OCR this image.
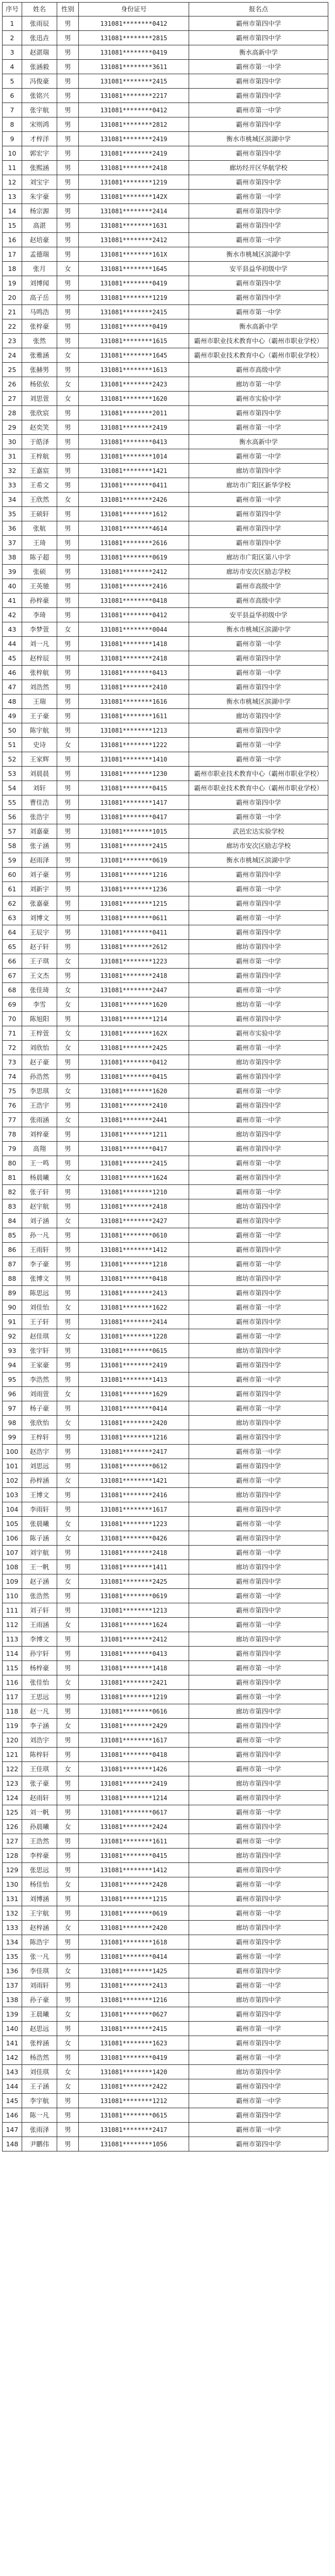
序号	姓名	性别	身份证号	报名点
1	张雨辰	男	131081********0412	霸州市第四中学
2	张迅垚	男	131081********2815	霸州市第四中学
3	赵湛瑞	男	131081********0419	衡水高新中学
4	张涵毅	男	131081********3611	霸州市第一中学
5	冯俊豪	男	131081********2415	霸州市第四中学
6	张铭兴	男	131081********2217	霸州市第四中学
7	张宇航	男	131081********0412	霸州市第一中学
8	宋则鸿	男	131081********2812	霸州市第四中学
9	才梓洋	男	131081********2419	衡水市桃城区滨湖中学
10	郭宏宇	男	131081********2419	霸州市第四中学
11	张熙涵	男	131081********2418	廊坊经开区华航学校
12	刘宝宇	男	131081********1219	霸州市第四中学
13	朱宇豪	男	131081********142X	霸州市第一中学
14	杨宗源	男	131081********2414	霸州市第四中学
15	高湛	男	131081********1631	霸州市第四中学
16	赵培豪	男	131081********2412	霸州市第一中学
17	孟德瑞	男	131081********161X	衡水市桃城区滨湖中学
18	张月	女	131081********1645	安平县益华初级中学
19	刘博闻	男	131081********0419	霸州市第四中学
20	高子岳	男	131081********1219	霸州市第四中学
21	马鸣浩	男	131081********2415	霸州市第一中学
22	张梓豪	男	131081********0419	衡水高新中学
23	张然	男	131081********1615	霸州市职业技术教育中心（霸州市职业学校）
24	张雅涵	女	131081********1645	霸州市职业技术教育中心（霸州市职业学校）
25	张赫男	男	131081********1613	霸州市高级中学
26	杨依依	女	131081********2423	廊坊市第一中学
27	刘思萱	女	131081********1620	霸州市实验中学
28	张欣宸	男	131081********2011	霸州市第四中学
29	赵奕笑	男	131081********2419	霸州市第一中学
30	于皓泽	男	131081********0413	衡水高新中学
31	王梓航	男	131081********1014	霸州市第一中学
32	王嘉宸	男	131081********1421	廊坊市第四中学
33	王希文	男	131081********0411	廊坊市广阳区新华学校
34	王欣然	女	131081********2426	霸州市第一中学
35	王硕轩	男	131081********1612	霸州市第四中学
36	张航	男	131081********4614	霸州市第四中学
37	王琦	男	131081********2616	霸州市第四中学
38	陈子超	男	131081********0619	廊坊市广阳区第八中学
39	张硕	男	131081********2412	廊坊市安次区励志学校
40	王英驰	男	131081********2416	霸州市高级中学
41	孙梓豪	男	131081********0418	霸州市高级中学
42	李琦	男	131081********0412	安平县益华初级中学
43	李梦萱	女	131081********0044	衡水市桃城区滨湖中学
44	刘一凡	男	131081********1418	霸州市第一中学
45	赵梓辰	男	131081********2418	霸州市第四中学
46	张梓航	男	131081********0413	霸州市第一中学
47	刘浩然	男	131081********2410	霸州市第四中学
48	王瑞	男	131081********1616	衡水市桃城区滨湖中学
49	王子豪	男	131081********1611	廊坊市第四中学
50	陈宇航	男	131081********1213	霸州市第四中学
51	史诗	女	131081********1222	霸州市第一中学
52	王家辉	男	131081********1410	霸州市第一中学
53	刘晨晨	男	131081********1230	霸州市职业技术教育中心（霸州市职业学校）
54	刘轩	男	131081********0415	霸州市职业技术教育中心（霸州市职业学校）
55	曹佳浩	男	131081********1417	霸州市第四中学
56	张浩宇	男	131081********0417	霸州市第一中学
57	刘嘉豪	男	131081********1015	武邑宏达实验学校
58	张子涵	男	131081********2415	廊坊市安次区励志学校
59	赵雨泽	男	131081********0619	衡水市桃城区滨湖中学
60	刘子豪	男	131081********1216	霸州市第四中学
61	刘新宇	男	131081********1236	霸州市第一中学
62	张嘉豪	男	131081********1215	霸州市第四中学
63	刘博文	男	131081********0611	霸州市第一中学
64	王辰宇	男	131081********0411	霸州市第四中学
65	赵子轩	男	131081********2612	廊坊市第四中学
66	王子琪	女	131081********1223	霸州市第一中学
67	王文杰	男	131081********2418	霸州市第四中学
68	张佳琦	女	131081********2447	霸州市第一中学
69	李雪	女	131081********1620	廊坊市第一中学
70	陈旭阳	男	131081********1214	霸州市第四中学
71	王梓萱	女	131081********162X	霸州市实验中学
72	刘欣怡	女	131081********2425	霸州市第一中学
73	赵子豪	男	131081********0412	廊坊市第四中学
74	孙浩然	男	131081********0415	霸州市第四中学
75	李思琪	女	131081********1620	霸州市第一中学
76	王浩宇	男	131081********2410	霸州市第四中学
77	张雨涵	女	131081********2441	霸州市第一中学
78	刘梓豪	男	131081********1211	廊坊市第四中学
79	高翔	男	131081********0417	霸州市第四中学
80	王一鸣	男	131081********2415	霸州市第一中学
81	杨晨曦	女	131081********1624	霸州市第四中学
82	张子轩	男	131081********1210	霸州市第一中学
83	赵宇航	男	131081********2418	廊坊市第四中学
84	刘子涵	女	131081********2427	霸州市第四中学
85	孙一凡	男	131081********0610	霸州市第一中学
86	王雨轩	男	131081********1412	霸州市第四中学
87	李子豪	男	131081********1218	霸州市第一中学
88	张博文	男	131081********0418	廊坊市第四中学
89	陈思远	男	131081********2413	霸州市第四中学
90	刘佳怡	女	131081********1622	霸州市第一中学
91	王子轩	男	131081********2414	霸州市第四中学
92	赵佳琪	女	131081********1228	霸州市第一中学
93	张宇轩	男	131081********0615	廊坊市第四中学
94	王家豪	男	131081********2419	霸州市第四中学
95	李浩然	男	131081********1413	霸州市第一中学
96	刘雨萱	女	131081********1629	霸州市第四中学
97	杨子豪	男	131081********0414	霸州市第一中学
98	张欣怡	女	131081********2420	廊坊市第四中学
99	王梓轩	男	131081********1216	霸州市第四中学
100	赵浩宇	男	131081********2417	霸州市第一中学
101	刘思远	男	131081********0612	霸州市第四中学
102	孙梓涵	女	131081********1421	霸州市第一中学
103	王博文	男	131081********2416	廊坊市第四中学
104	李雨轩	男	131081********1617	霸州市第四中学
105	张晨曦	女	131081********1223	霸州市第一中学
106	陈子涵	女	131081********0426	霸州市第四中学
107	刘宇航	男	131081********2418	霸州市第一中学
108	王一帆	男	131081********1411	廊坊市第四中学
109	赵子涵	女	131081********2425	霸州市第四中学
110	张浩然	男	131081********0619	霸州市第一中学
111	刘子轩	男	131081********1213	霸州市第四中学
112	王雨涵	女	131081********1624	霸州市第一中学
113	李博文	男	131081********2412	廊坊市第四中学
114	孙宇轩	男	131081********0413	霸州市第四中学
115	杨梓豪	男	131081********1418	霸州市第一中学
116	张佳怡	女	131081********2421	霸州市第四中学
117	王思远	男	131081********1219	霸州市第一中学
118	赵一凡	男	131081********0616	廊坊市第四中学
119	李子涵	女	131081********2429	霸州市第四中学
120	刘浩宇	男	131081********1617	霸州市第一中学
121	陈梓轩	男	131081********0418	霸州市第四中学
122	王佳琪	女	131081********1426	霸州市第一中学
123	张子豪	男	131081********2419	廊坊市第四中学
124	赵雨轩	男	131081********1214	霸州市第四中学
125	刘一帆	男	131081********0617	霸州市第一中学
126	孙晨曦	女	131081********2424	霸州市第四中学
127	王浩然	男	131081********1611	霸州市第一中学
128	李梓豪	男	131081********0415	廊坊市第四中学
129	张思远	男	131081********1412	霸州市第四中学
130	杨佳怡	女	131081********2428	霸州市第一中学
131	刘博涵	男	131081********1215	霸州市第四中学
132	王宇航	男	131081********0619	霸州市第一中学
133	赵梓涵	女	131081********2420	廊坊市第四中学
134	陈浩宇	男	131081********1618	霸州市第四中学
135	张一凡	男	131081********0414	霸州市第一中学
136	李佳琪	女	131081********1425	霸州市第四中学
137	刘雨轩	男	131081********2413	霸州市第一中学
138	孙子豪	男	131081********1216	廊坊市第四中学
139	王晨曦	女	131081********0627	霸州市第四中学
140	赵思远	男	131081********2415	霸州市第一中学
141	张梓涵	女	131081********1623	霸州市第四中学
142	杨浩然	男	131081********0419	霸州市第一中学
143	刘佳琪	女	131081********1420	廊坊市第四中学
144	王子涵	女	131081********2422	霸州市第四中学
145	李宇航	男	131081********1212	霸州市第一中学
146	陈一凡	男	131081********0615	霸州市第四中学
147	张雨泽	男	131081********2417	霸州市第一中学
148	尹鹏伟	男	131081********1056	霸州市第四中学
